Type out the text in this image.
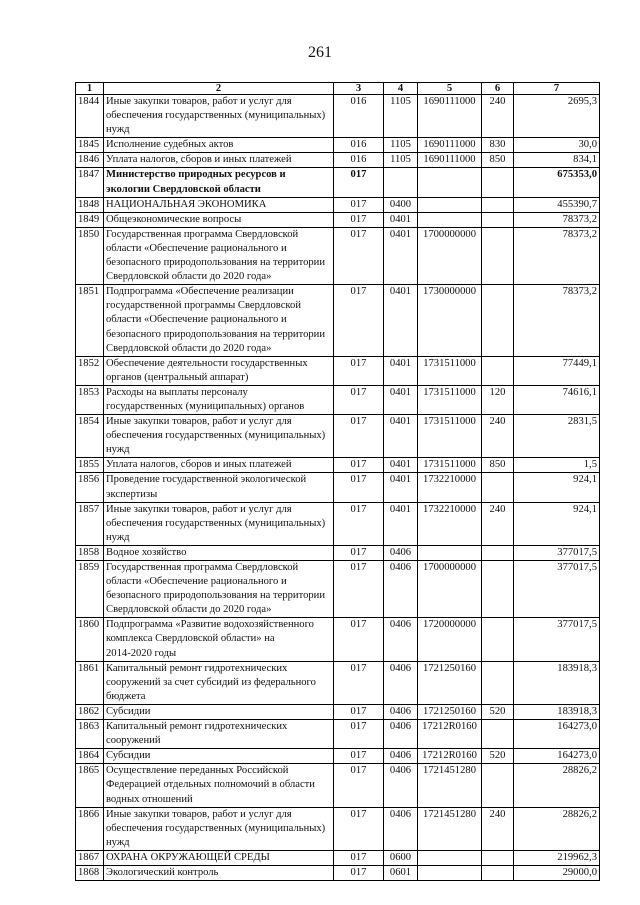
261
1	2	3	4	5	6	7
1844	Иные закупки товаров, работ и услуг для
обеспечения государственных (муниципальных)
нужд	016	1105	1690111000	240	2695,3
1845	Исполнение судебных актов	016	1105	1690111000	830	30,0
1846	Уплата налогов, сборов и иных платежей	016	1105	1690111000	850	834,1
1847	Министерство природных ресурсов и
экологии Свердловской области	017				675353,0
1848	НАЦИОНАЛЬНАЯ ЭКОНОМИКА	017	0400			455390,7
1849	Общеэкономические вопросы	017	0401			78373,2
1850	Государственная программа Свердловской
области «Обеспечение рационального и
безопасного природопользования на территории
Свердловской области до 2020 года»	017	0401	1700000000		78373,2
1851	Подпрограмма «Обеспечение реализации
государственной программы Свердловской
области «Обеспечение рационального и
безопасного природопользования на территории
Свердловской области до 2020 года»	017	0401	1730000000		78373,2
1852	Обеспечение деятельности государственных
органов (центральный аппарат)	017	0401	1731511000		77449,1
1853	Расходы на выплаты персоналу
государственных (муниципальных) органов	017	0401	1731511000	120	74616,1
1854	Иные закупки товаров, работ и услуг для
обеспечения государственных (муниципальных)
нужд	017	0401	1731511000	240	2831,5
1855	Уплата налогов, сборов и иных платежей	017	0401	1731511000	850	1,5
1856	Проведение государственной экологической
экспертизы	017	0401	1732210000		924,1
1857	Иные закупки товаров, работ и услуг для
обеспечения государственных (муниципальных)
нужд	017	0401	1732210000	240	924,1
1858	Водное хозяйство	017	0406			377017,5
1859	Государственная программа Свердловской
области «Обеспечение рационального и
безопасного природопользования на территории
Свердловской области до 2020 года»	017	0406	1700000000		377017,5
1860	Подпрограмма «Развитие водохозяйственного
комплекса Свердловской области» на
2014-2020 годы	017	0406	1720000000		377017,5
1861	Капитальный ремонт гидротехнических
сооружений за счет субсидий из федерального
бюджета	017	0406	1721250160		183918,3
1862	Субсидии	017	0406	1721250160	520	183918,3
1863	Капитальный ремонт гидротехнических
сооружений	017	0406	17212R0160		164273,0
1864	Субсидии	017	0406	17212R0160	520	164273,0
1865	Осуществление переданных Российской
Федерацией отдельных полномочий в области
водных отношений	017	0406	1721451280		28826,2
1866	Иные закупки товаров, работ и услуг для
обеспечения государственных (муниципальных)
нужд	017	0406	1721451280	240	28826,2
1867	ОХРАНА ОКРУЖАЮЩЕЙ СРЕДЫ	017	0600			219962,3
1868	Экологический контроль	017	0601			29000,0
